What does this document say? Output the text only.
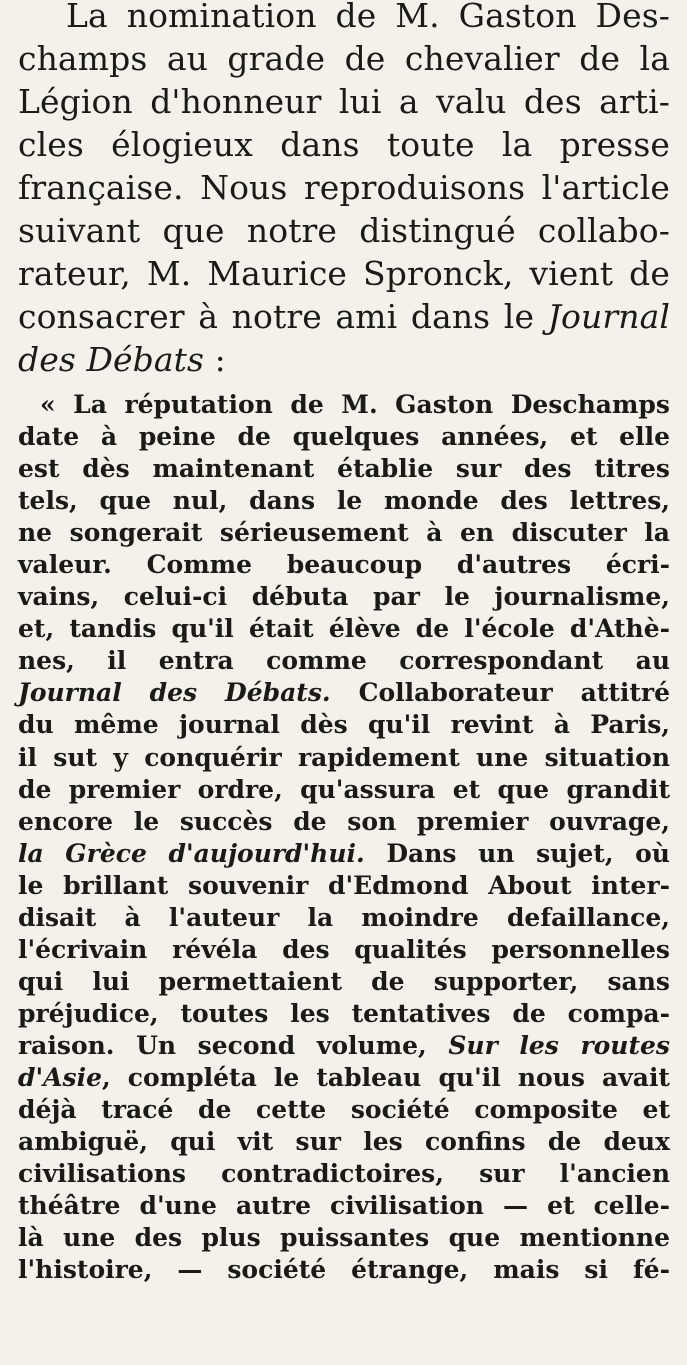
La nomination de M. Gaston Des-
champs au grade de chevalier de la
Légion d'honneur lui a valu des arti-
cles élogieux dans toute la presse
française. Nous reproduisons l'article
suivant que notre distingué collabo-
rateur, M. Maurice Spronck, vient de
consacrer à notre ami dans le Journal
des Débats :
« La réputation de M. Gaston Deschamps
date à peine de quelques années, et elle
est dès maintenant établie sur des titres
tels, que nul, dans le monde des lettres,
ne songerait sérieusement à en discuter la
valeur. Comme beaucoup d'autres écri-
vains, celui-ci débuta par le journalisme,
et, tandis qu'il était élève de l'école d'Athè-
nes, il entra comme correspondant au
Journal des Débats. Collaborateur attitré
du même journal dès qu'il revint à Paris,
il sut y conquérir rapidement une situation
de premier ordre, qu'assura et que grandit
encore le succès de son premier ouvrage,
la Grèce d'aujourd'hui. Dans un sujet, où
le brillant souvenir d'Edmond About inter-
disait à l'auteur la moindre defaillance,
l'écrivain révéla des qualités personnelles
qui lui permettaient de supporter, sans
préjudice, toutes les tentatives de compa-
raison. Un second volume, Sur les routes
d'Asie, compléta le tableau qu'il nous avait
déjà tracé de cette société composite et
ambiguë, qui vit sur les confins de deux
civilisations contradictoires, sur l'ancien
théâtre d'une autre civilisation — et celle-
là une des plus puissantes que mentionne
l'histoire, — société étrange, mais si fé-
